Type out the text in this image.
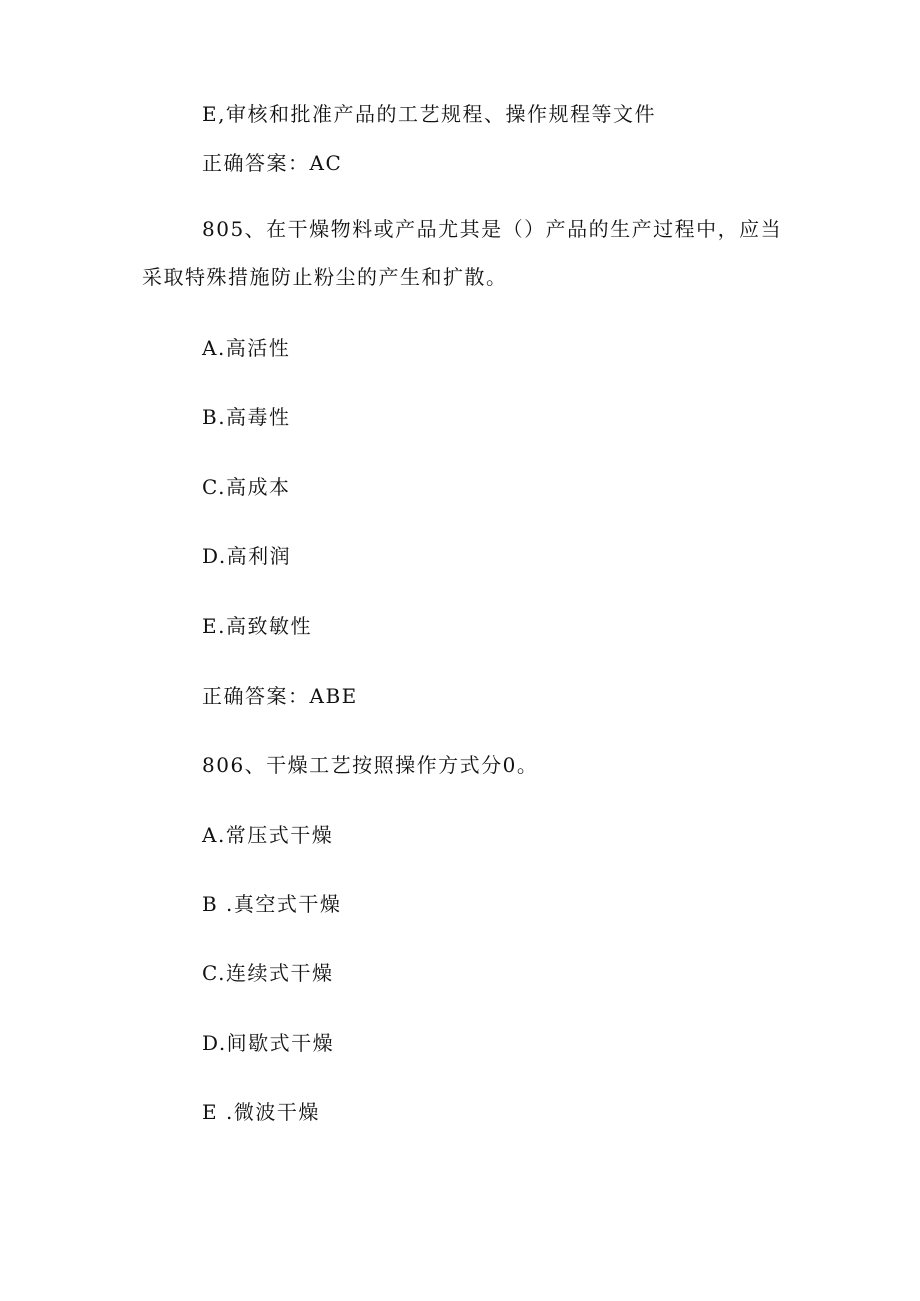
E,审核和批准产品的工艺规程、操作规程等文件
正确答案：AC
805、在干燥物料或产品尤其是（）产品的生产过程中，应当
采取特殊措施防止粉尘的产生和扩散。
A.高活性
B.高毒性
C.高成本
D.高利润
E.高致敏性
正确答案：ABE
806、干燥工艺按照操作方式分0。
A.常压式干燥
B .真空式干燥
C.连续式干燥
D.间歇式干燥
E .微波干燥
